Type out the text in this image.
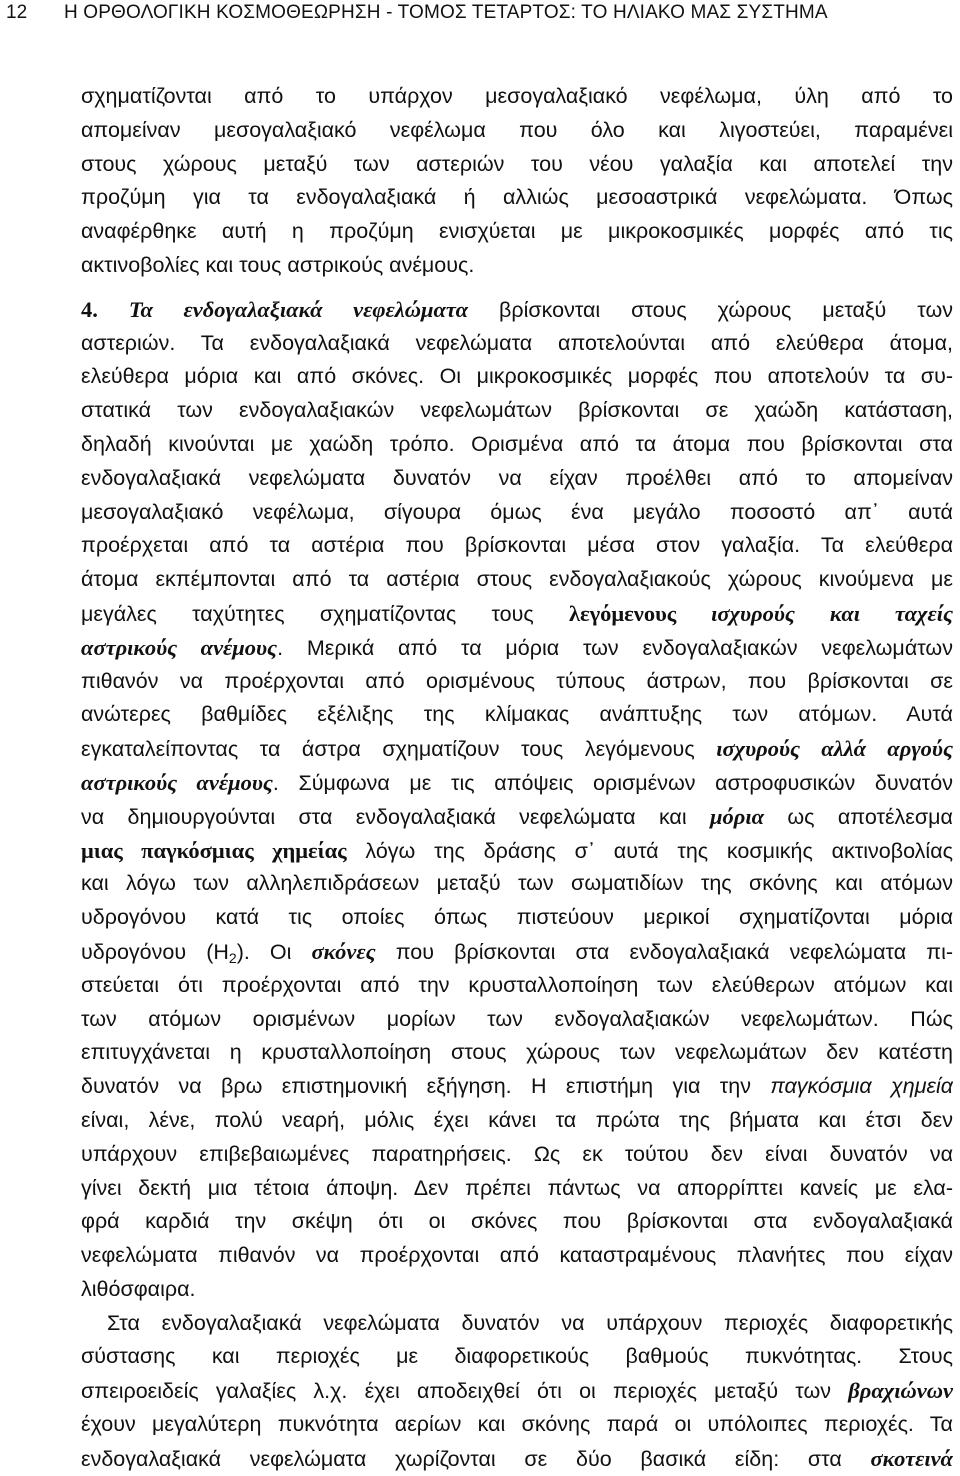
12 Η ΟΡΘΟΛΟΓΙΚΗ ΚΟΣΜΟΘΕΩΡΗΣΗ - ΤΟΜΟΣ ΤΕΤΑΡΤΟΣ: ΤΟ ΗΛΙΑΚΟ ΜΑΣ ΣΥΣΤΗΜΑ
σχηματίζονται από το υπάρχον μεσογαλαξιακό νεφέλωμα, ύλη από το
απομείναν μεσογαλαξιακό νεφέλωμα που όλο και λιγοστεύει, παραμένει
στους χώρους μεταξύ των αστεριών του νέου γαλαξία και αποτελεί την
προζύμη για τα ενδογαλαξιακά ή αλλιώς μεσοαστρικά νεφελώματα. Όπως
αναφέρθηκε αυτή η προζύμη ενισχύεται με μικροκοσμικές μορφές από τις
ακτινοβολίες και τους αστρικούς ανέμους.
4. Τα ενδογαλαξιακά νεφελώματα βρίσκονται στους χώρους μεταξύ των
αστεριών. Τα ενδογαλαξιακά νεφελώματα αποτελούνται από ελεύθερα άτομα,
ελεύθερα μόρια και από σκόνες. Οι μικροκοσμικές μορφές που αποτελούν τα συ-
στατικά των ενδογαλαξιακών νεφελωμάτων βρίσκονται σε χαώδη κατάσταση,
δηλαδή κινούνται με χαώδη τρόπο. Ορισμένα από τα άτομα που βρίσκονται στα
ενδογαλαξιακά νεφελώματα δυνατόν να είχαν προέλθει από το απομείναν
μεσογαλαξιακό νεφέλωμα, σίγουρα όμως ένα μεγάλο ποσοστό απ᾽ αυτά
προέρχεται από τα αστέρια που βρίσκονται μέσα στον γαλαξία. Τα ελεύθερα
άτομα εκπέμπονται από τα αστέρια στους ενδογαλαξιακούς χώρους κινούμενα με
μεγάλες ταχύτητες σχηματίζοντας τους λεγόμενους ισχυρούς και ταχείς
αστρικούς ανέμους. Μερικά από τα μόρια των ενδογαλαξιακών νεφελωμάτων
πιθανόν να προέρχονται από ορισμένους τύπους άστρων, που βρίσκονται σε
ανώτερες βαθμίδες εξέλιξης της κλίμακας ανάπτυξης των ατόμων. Αυτά
εγκαταλείποντας τα άστρα σχηματίζουν τους λεγόμενους ισχυρούς αλλά αργούς
αστρικούς ανέμους. Σύμφωνα με τις απόψεις ορισμένων αστροφυσικών δυνατόν
να δημιουργούνται στα ενδογαλαξιακά νεφελώματα και μόρια ως αποτέλεσμα
μιας παγκόσμιας χημείας λόγω της δράσης σ᾽ αυτά της κοσμικής ακτινοβολίας
και λόγω των αλληλεπιδράσεων μεταξύ των σωματιδίων της σκόνης και ατόμων
υδρογόνου κατά τις οποίες όπως πιστεύουν μερικοί σχηματίζονται μόρια
υδρογόνου $(H_2)$. Οι σκόνες που βρίσκονται στα ενδογαλαξιακά νεφελώματα πι-
στεύεται ότι προέρχονται από την κρυσταλλοποίηση των ελεύθερων ατόμων και
των ατόμων ορισμένων μορίων των ενδογαλαξιακών νεφελωμάτων. Πώς
επιτυγχάνεται η κρυσταλλοποίηση στους χώρους των νεφελωμάτων δεν κατέστη
δυνατόν να βρω επιστημονική εξήγηση. Η επιστήμη για την παγκόσμια χημεία
είναι, λένε, πολύ νεαρή, μόλις έχει κάνει τα πρώτα της βήματα και έτσι δεν
υπάρχουν επιβεβαιωμένες παρατηρήσεις. Ως εκ τούτου δεν είναι δυνατόν να
γίνει δεκτή μια τέτοια άποψη. Δεν πρέπει πάντως να απορρίπτει κανείς με ελα-
φρά καρδιά την σκέψη ότι οι σκόνες που βρίσκονται στα ενδογαλαξιακά
νεφελώματα πιθανόν να προέρχονται από καταστραμένους πλανήτες που είχαν
λιθόσφαιρα.
Στα ενδογαλαξιακά νεφελώματα δυνατόν να υπάρχουν περιοχές διαφορετικής
σύστασης και περιοχές με διαφορετικούς βαθμούς πυκνότητας. Στους
σπειροειδείς γαλαξίες λ.χ. έχει αποδειχθεί ότι οι περιοχές μεταξύ των βραχιώνων
έχουν μεγαλύτερη πυκνότητα αερίων και σκόνης παρά οι υπόλοιπες περιοχές. Τα
ενδογαλαξιακά νεφελώματα χωρίζονται σε δύο βασικά είδη: στα σκοτεινά
